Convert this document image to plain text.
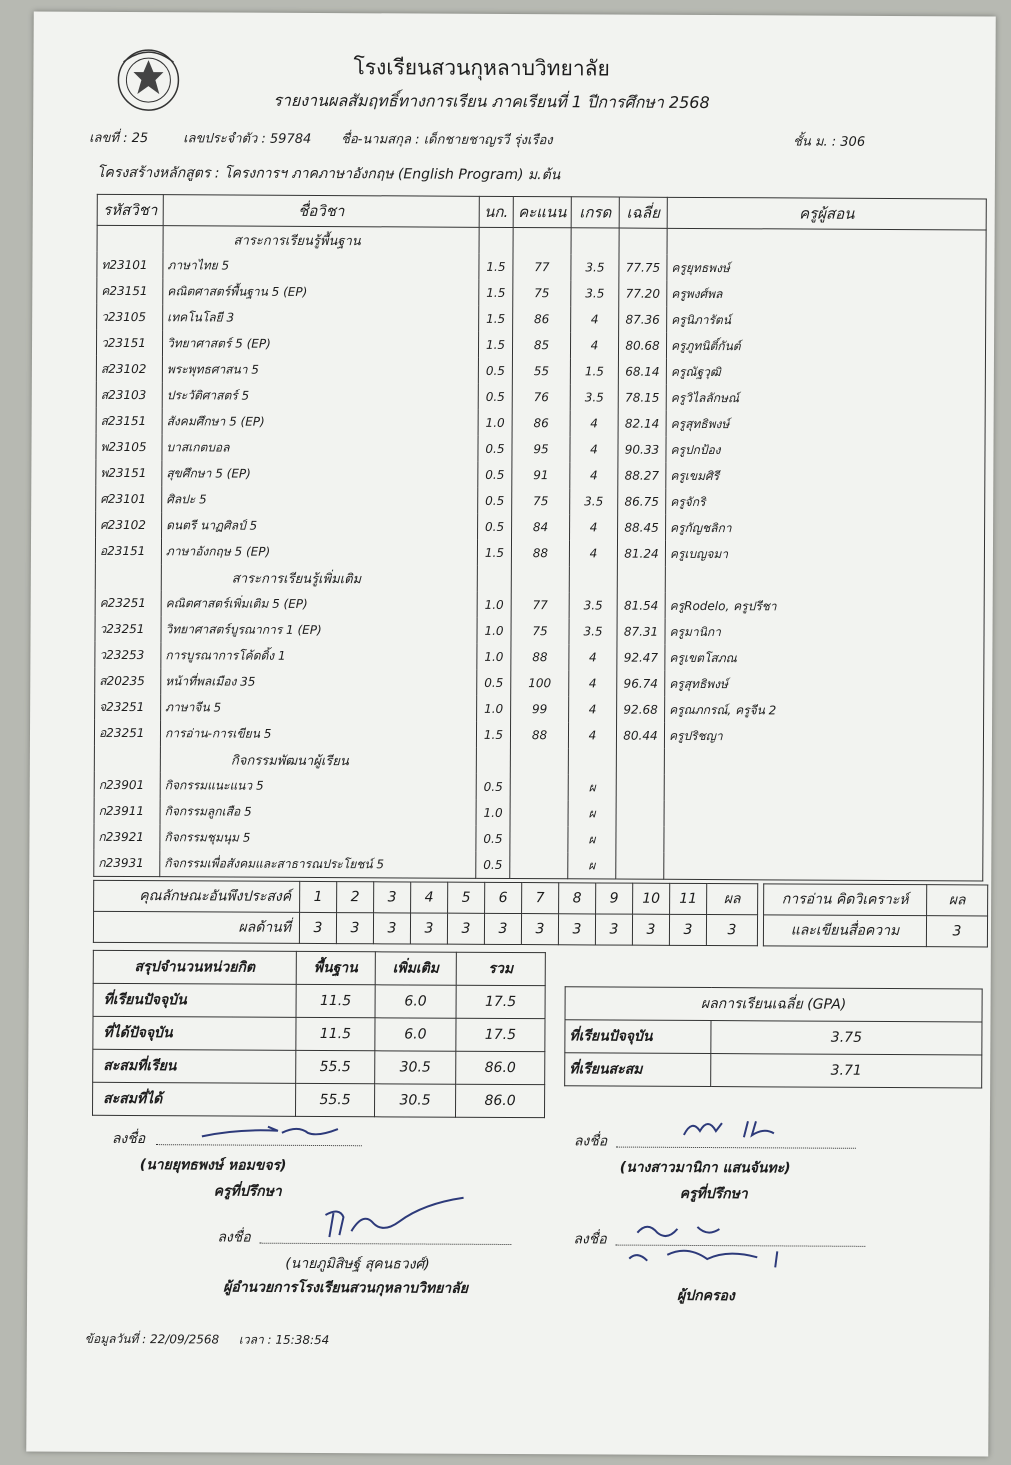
โรงเรียนสวนกุหลาบวิทยาลัย
รายงานผลสัมฤทธิ์ทางการเรียน ภาคเรียนที่ 1 ปีการศึกษา 2568
เลขที่ : 25	เลขประจำตัว : 59784 ชื่อ-นามสกุล : เด็กชายชาญรวี รุ่งเรือง	ชั้น ม. : 306
โครงสร้างหลักสูตร : โครงการฯ ภาคภาษาอังกฤษ (English Program) ม.ต้น
รหัสวิชา	ชื่อวิชา	นก.	คะแนน	เกรด	เฉลี่ย	ครูผู้สอน
	สาระการเรียนรู้พื้นฐาน					
ท23101	ภาษาไทย 5	1.5	77	3.5	77.75	ครูยุทธพงษ์
ค23151	คณิตศาสตร์พื้นฐาน 5 (EP)	1.5	75	3.5	77.20	ครูพงศ์พล
ว23105	เทคโนโลยี 3	1.5	86	4	87.36	ครูนิภารัตน์
ว23151	วิทยาศาสตร์ 5 (EP)	1.5	85	4	80.68	ครูภูทนิติ์กันต์
ส23102	พระพุทธศาสนา 5	0.5	55	1.5	68.14	ครูณัฐวุฒิ
ส23103	ประวัติศาสตร์ 5	0.5	76	3.5	78.15	ครูวิไลลักษณ์
ส23151	สังคมศึกษา 5 (EP)	1.0	86	4	82.14	ครูสุทธิพงษ์
พ23105	บาสเกตบอล	0.5	95	4	90.33	ครูปกป้อง
พ23151	สุขศึกษา 5 (EP)	0.5	91	4	88.27	ครูเขมศิรี
ศ23101	ศิลปะ 5	0.5	75	3.5	86.75	ครูจักริ
ศ23102	ดนตรี นาฏศิลป์ 5	0.5	84	4	88.45	ครูกัญชลิกา
อ23151	ภาษาอังกฤษ 5 (EP)	1.5	88	4	81.24	ครูเบญจมา
	สาระการเรียนรู้เพิ่มเติม					
ค23251	คณิตศาสตร์เพิ่มเติม 5 (EP)	1.0	77	3.5	81.54	ครูRodelo, ครูปรีชา
ว23251	วิทยาศาสตร์บูรณาการ 1 (EP)	1.0	75	3.5	87.31	ครูมานิกา
ว23253	การบูรณาการโค้ดดิ้ง 1	1.0	88	4	92.47	ครูเขตโสภณ
ส20235	หน้าที่พลเมือง 35	0.5	100	4	96.74	ครูสุทธิพงษ์
จ23251	ภาษาจีน 5	1.0	99	4	92.68	ครูณภกรณ์, ครูจีน 2
อ23251	การอ่าน-การเขียน 5	1.5	88	4	80.44	ครูปริชญา
	กิจกรรมพัฒนาผู้เรียน					
ก23901	กิจกรรมแนะแนว 5	0.5		ผ		
ก23911	กิจกรรมลูกเสือ 5	1.0		ผ		
ก23921	กิจกรรมชุมนุม 5	0.5		ผ		
ก23931	กิจกรรมเพื่อสังคมและสาธารณประโยชน์ 5	0.5		ผ		
คุณลักษณะอันพึงประสงค์	1	2	3	4	5	6	7	8	9	10	11	ผล
ผลด้านที่	3	3	3	3	3	3	3	3	3	3	3	3
การอ่าน คิดวิเคราะห์	ผล
และเขียนสื่อความ	3
สรุปจำนวนหน่วยกิต	พื้นฐาน	เพิ่มเติม	รวม
ที่เรียนปัจจุบัน	11.5	6.0	17.5
ที่ได้ปัจจุบัน	11.5	6.0	17.5
สะสมที่เรียน	55.5	30.5	86.0
สะสมที่ได้	55.5	30.5	86.0
ผลการเรียนเฉลี่ย (GPA)	
ที่เรียนปัจจุบัน	3.75
ที่เรียนสะสม	3.71
ลงชื่อ
(นายยุทธพงษ์ หอมขจร)
ครูที่ปรึกษา
ลงชื่อ
(นางสาวมานิกา แสนจันทะ)
ครูที่ปรึกษา
ลงชื่อ
(นายภูมิสิษฐ์ สุคนธวงศ์)
ผู้อำนวยการโรงเรียนสวนกุหลาบวิทยาลัย
ลงชื่อ
ผู้ปกครอง
ข้อมูลวันที่ : 22/09/2568 เวลา : 15:38:54
